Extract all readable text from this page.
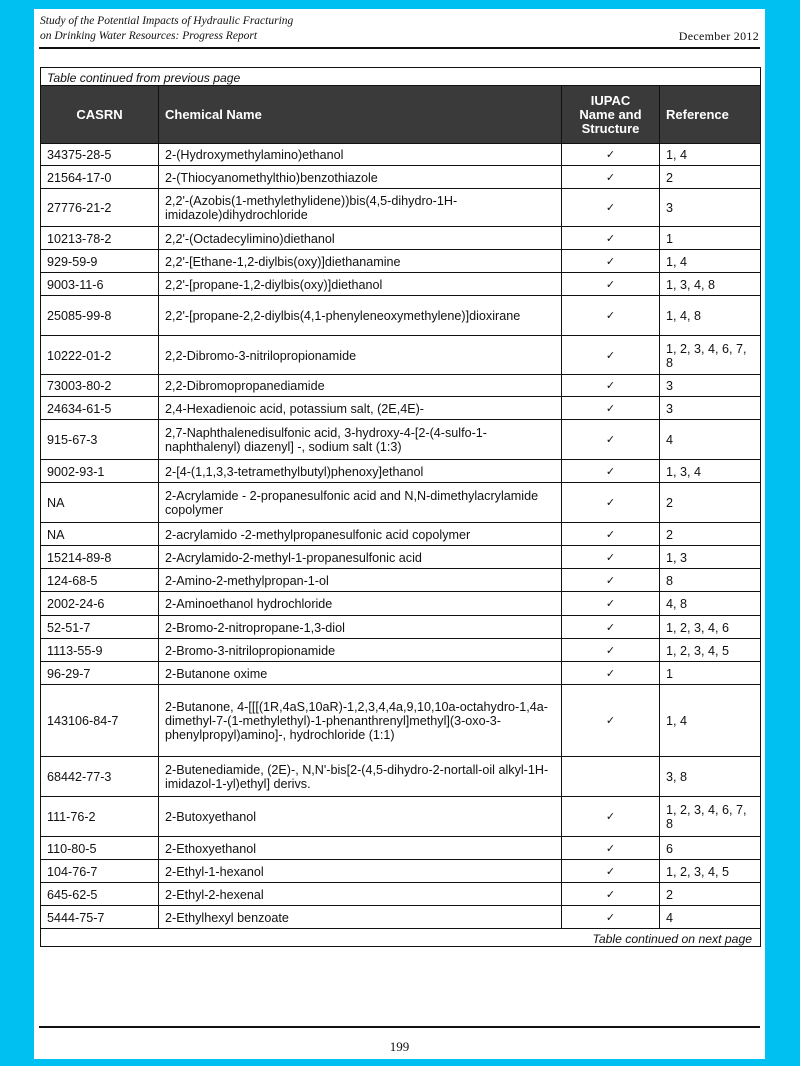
Study of the Potential Impacts of Hydraulic Fracturing
on Drinking Water Resources: Progress Report	December 2012
Table continued from previous page			
CASRN	Chemical Name	IUPAC
Name and
Structure	Reference
34375-28-5	2-(Hydroxymethylamino)ethanol	✓	1, 4
21564-17-0	2-(Thiocyanomethylthio)benzothiazole	✓	2
27776-21-2	2,2'-(Azobis(1-methylethylidene))bis(4,5-dihydro-1H-imidazole)dihydrochloride	✓	3
10213-78-2	2,2'-(Octadecylimino)diethanol	✓	1
929-59-9	2,2'-[Ethane-1,2-diylbis(oxy)]diethanamine	✓	1, 4
9003-11-6	2,2'-[propane-1,2-diylbis(oxy)]diethanol	✓	1, 3, 4, 8
25085-99-8	2,2'-[propane-2,2-diylbis(4,1-phenyleneoxymethylene)]dioxirane	✓	1, 4, 8
10222-01-2	2,2-Dibromo-3-nitrilopropionamide	✓	1, 2, 3, 4, 6, 7, 8
73003-80-2	2,2-Dibromopropanediamide	✓	3
24634-61-5	2,4-Hexadienoic acid, potassium salt, (2E,4E)-	✓	3
915-67-3	2,7-Naphthalenedisulfonic acid, 3-hydroxy-4-[2-(4-sulfo-1-naphthalenyl) diazenyl] -, sodium salt (1:3)	✓	4
9002-93-1	2-[4-(1,1,3,3-tetramethylbutyl)phenoxy]ethanol	✓	1, 3, 4
NA	2-Acrylamide - 2-propanesulfonic acid and N,N-dimethylacrylamide copolymer	✓	2
NA	2-acrylamido -2-methylpropanesulfonic acid copolymer	✓	2
15214-89-8	2-Acrylamido-2-methyl-1-propanesulfonic acid	✓	1, 3
124-68-5	2-Amino-2-methylpropan-1-ol	✓	8
2002-24-6	2-Aminoethanol hydrochloride	✓	4, 8
52-51-7	2-Bromo-2-nitropropane-1,3-diol	✓	1, 2, 3, 4, 6
1113-55-9	2-Bromo-3-nitrilopropionamide	✓	1, 2, 3, 4, 5
96-29-7	2-Butanone oxime	✓	1
143106-84-7	2-Butanone, 4-[[[(1R,4aS,10aR)-1,2,3,4,4a,9,10,10a-octahydro-1,4a-dimethyl-7-(1-methylethyl)-1-phenanthrenyl]methyl](3-oxo-3-phenylpropyl)amino]-, hydrochloride (1:1)	✓	1, 4
68442-77-3	2-Butenediamide, (2E)-, N,N'-bis[2-(4,5-dihydro-2-nortall-oil alkyl-1H-imidazol-1-yl)ethyl] derivs.		3, 8
111-76-2	2-Butoxyethanol	✓	1, 2, 3, 4, 6, 7, 8
110-80-5	2-Ethoxyethanol	✓	6
104-76-7	2-Ethyl-1-hexanol	✓	1, 2, 3, 4, 5
645-62-5	2-Ethyl-2-hexenal	✓	2
5444-75-7	2-Ethylhexyl benzoate	✓	4
Table continued on next page			
199
